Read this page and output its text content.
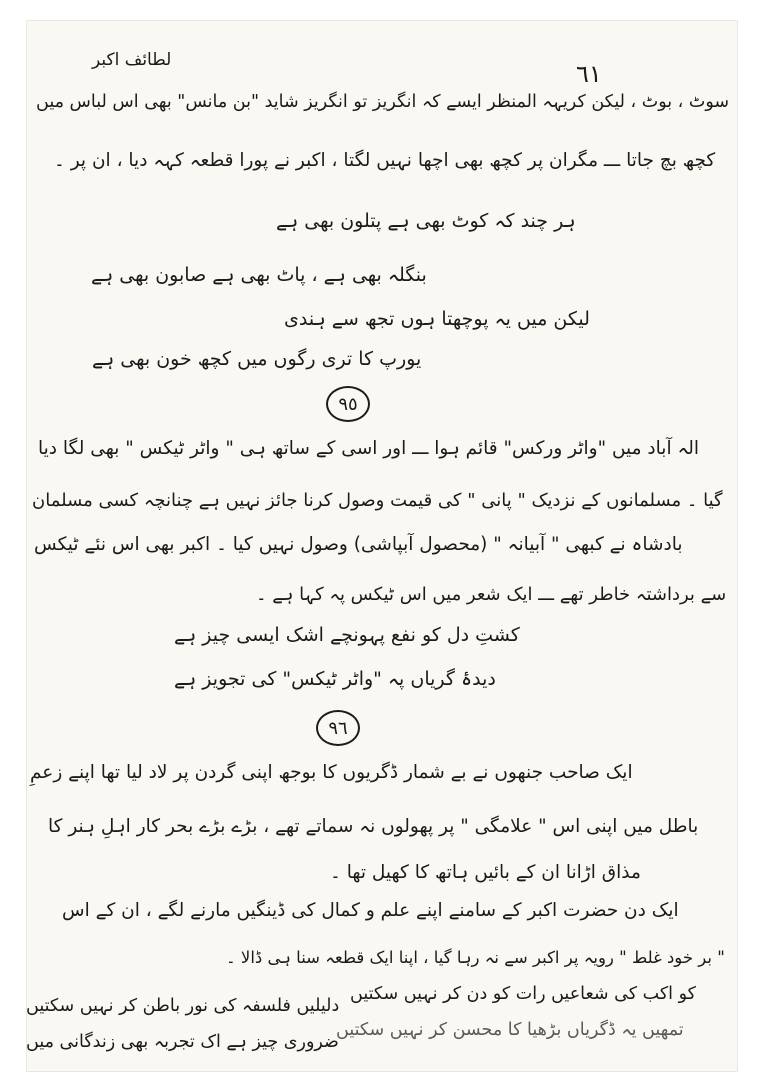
لطائف اکبر	٦١
سوٹ ، بوٹ ، لیکن کریہہ المنظر ایسے کہ انگریز تو انگریز شاید "بن مانس" بھی اس لباس میں
کچھ بچ جاتا ـــ مگران پر کچھ بھی اچھا نہیں لگتا ، اکبر نے پورا قطعہ کہہ دیا ، ان پر ۔
ہر چند کہ کوٹ بھی ہے پتلون بھی ہے
بنگلہ بھی ہے ، پاٹ بھی ہے صابون بھی ہے
لیکن میں یہ پوچھتا ہوں تجھ سے ہندی
یورپ کا تری رگوں میں کچھ خون بھی ہے
٩٥
الہ آباد میں "واٹر ورکس" قائم ہوا ـــ اور اسی کے ساتھ ہی " واٹر ٹیکس " بھی لگا دیا
گیا ۔ مسلمانوں کے نزدیک " پانی " کی قیمت وصول کرنا جائز نہیں ہے چنانچہ کسی مسلمان
بادشاہ نے کبھی " آبیانہ " (محصول آبپاشی) وصول نہیں کیا ۔ اکبر بھی اس نئے ٹیکس
سے برداشتہ خاطر تھے ـــ ایک شعر میں اس ٹیکس پہ کہا ہے ۔
کشتِ دل کو نفع پہونچے اشک ایسی چیز ہے
دیدۂ گریاں پہ "واٹر ٹیکس" کی تجویز ہے
٩٦
ایک صاحب جنھوں نے بے شمار ڈگریوں کا بوجھ اپنی گردن پر لاد لیا تھا اپنے زعمِ
باطل میں اپنی اس " علامگی " پر پھولوں نہ سماتے تھے ، بڑے بڑے بحر کار اہلِ ہنر کا
مذاق اڑانا ان کے بائیں ہاتھ کا کھیل تھا ۔
ایک دن حضرت اکبر کے سامنے اپنے علم و کمال کی ڈینگیں مارنے لگے ، ان کے اس
" بر خود غلط " رویہ پر اکبر سے نہ رہا گیا ، اپنا ایک قطعہ سنا ہی ڈالا ۔
دلیلیں فلسفہ کی نور باطن کر نہیں سکتیں
کو اکب کی شعاعیں رات کو دن کر نہیں سکتیں
ضروری چیز ہے اک تجربہ بھی زندگانی میں
تمھیں یہ ڈگریاں بڑھیا کا محسن کر نہیں سکتیں
